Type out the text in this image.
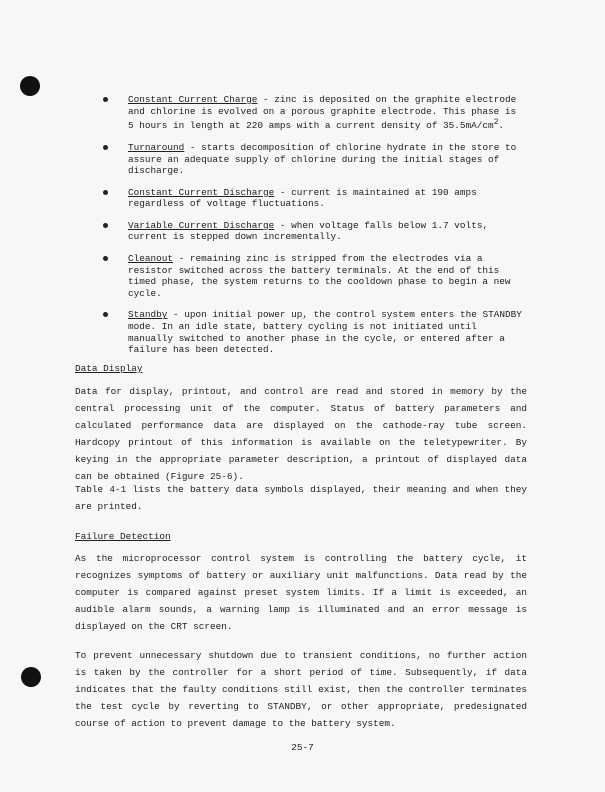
Constant Current Charge - zinc is deposited on the graphite electrode and chlorine is evolved on a porous graphite electrode. This phase is 5 hours in length at 220 amps with a current density of $35.5mA/cm^2$.
Turnaround - starts decomposition of chlorine hydrate in the store to assure an adequate supply of chlorine during the initial stages of discharge.
Constant Current Discharge - current is maintained at 190 amps regardless of voltage fluctuations.
Variable Current Discharge - when voltage falls below 1.7 volts, current is stepped down incrementally.
Cleanout - remaining zinc is stripped from the electrodes via a resistor switched across the battery terminals. At the end of this timed phase, the system returns to the cooldown phase to begin a new cycle.
Standby - upon initial power up, the control system enters the STANDBY mode. In an idle state, battery cycling is not initiated until manually switched to another phase in the cycle, or entered after a failure has been detected.
Data Display

Data for display, printout, and control are read and stored in memory by the central processing unit of the computer. Status of battery parameters and calculated performance data are displayed on the cathode-ray tube screen. Hardcopy printout of this information is available on the teletypewriter. By keying in the appropriate parameter description, a printout of displayed data can be obtained (Figure 25-6).

Table 4-1 lists the battery data symbols displayed, their meaning and when they are printed.

Failure Detection

As the microprocessor control system is controlling the battery cycle, it recognizes symptoms of battery or auxiliary unit malfunctions. Data read by the computer is compared against preset system limits. If a limit is exceeded, an audible alarm sounds, a warning lamp is illuminated and an error message is displayed on the CRT screen.

To prevent unnecessary shutdown due to transient conditions, no further action is taken by the controller for a short period of time. Subsequently, if data indicates that the faulty conditions still exist, then the controller terminates the test cycle by reverting to STANDBY, or other appropriate, predesignated course of action to prevent damage to the battery system.

25-7
